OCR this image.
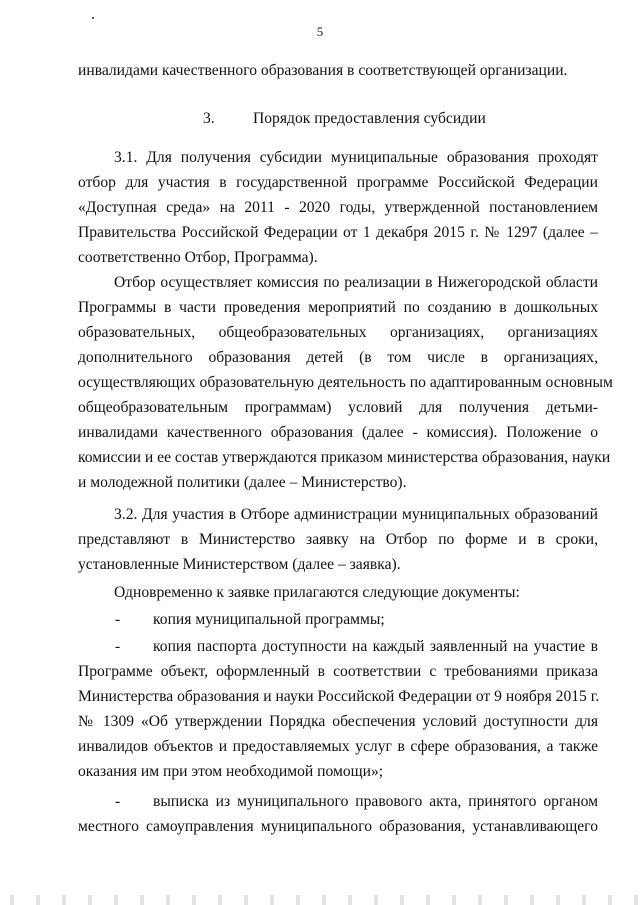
5
инвалидами качественного образования в соответствующей организации.
3. Порядок предоставления субсидии
3.1. Для получения субсидии муниципальные образования проходят
отбор для участия в государственной программе Российской Федерации
«Доступная среда» на 2011 - 2020 годы, утвержденной постановлением
Правительства Российской Федерации от 1 декабря 2015 г. № 1297 (далее –
соответственно Отбор, Программа).
Отбор осуществляет комиссия по реализации в Нижегородской области
Программы в части проведения мероприятий по созданию в дошкольных
образовательных, общеобразовательных организациях, организациях
дополнительного образования детей (в том числе в организациях,
осуществляющих образовательную деятельность по адаптированным основным
общеобразовательным программам) условий для получения детьми-
инвалидами качественного образования (далее - комиссия). Положение о
комиссии и ее состав утверждаются приказом министерства образования, науки
и молодежной политики (далее – Министерство).
3.2. Для участия в Отборе администрации муниципальных образований
представляют в Министерство заявку на Отбор по форме и в сроки,
установленные Министерством (далее – заявка).
Одновременно к заявке прилагаются следующие документы:
-	копия муниципальной программы;
-	копия паспорта доступности на каждый заявленный на участие в
Программе объект, оформленный в соответствии с требованиями приказа
Министерства образования и науки Российской Федерации от 9 ноября 2015 г.
№ 1309 «Об утверждении Порядка обеспечения условий доступности для
инвалидов объектов и предоставляемых услуг в сфере образования, а также
оказания им при этом необходимой помощи»;
-	выписка из муниципального правового акта, принятого органом
местного самоуправления муниципального образования, устанавливающего
